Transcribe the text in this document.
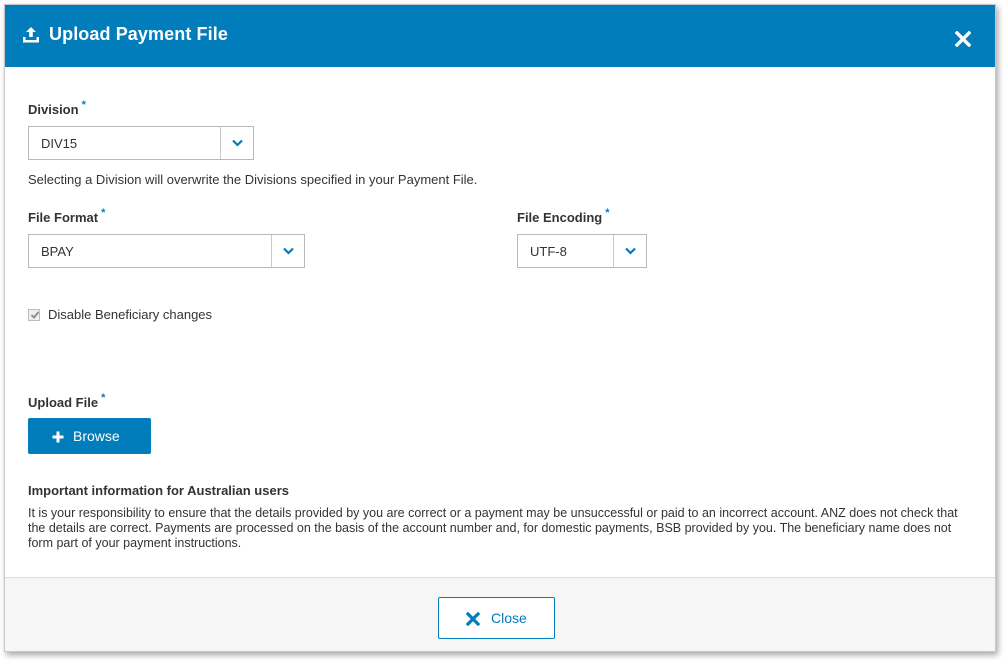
Upload Payment File
Division *
DIV15
Selecting a Division will overwrite the Divisions specified in your Payment File.
File Format *
BPAY
File Encoding *
UTF-8
Disable Beneficiary changes
Upload File *
Browse
Important information for Australian users
It is your responsibility to ensure that the details provided by you are correct or a payment may be unsuccessful or paid to an incorrect account. ANZ does not check that the details are correct. Payments are processed on the basis of the account number and, for domestic payments, BSB provided by you. The beneficiary name does not form part of your payment instructions.
Close
